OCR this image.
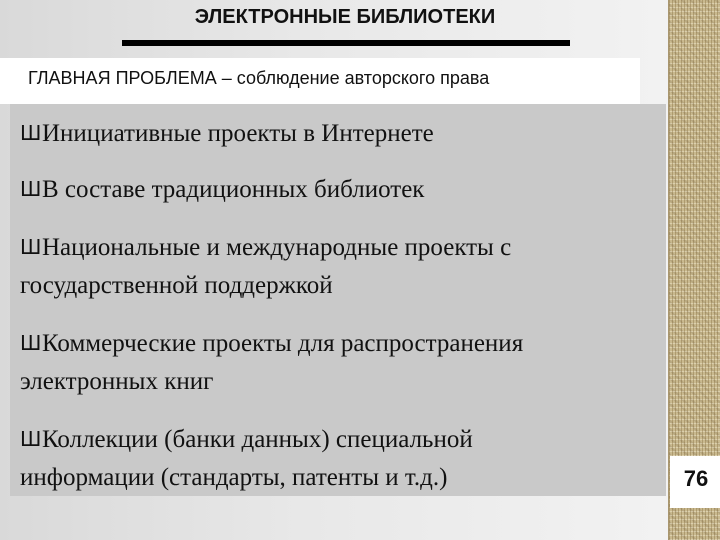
ЭЛЕКТРОННЫЕ БИБЛИОТЕКИ
ГЛАВНАЯ ПРОБЛЕМА – соблюдение авторского права
ШИнициативные проекты в Интернете
ШВ составе традиционных библиотек
ШНациональные и международные проекты с
государственной поддержкой
ШКоммерческие проекты для распространения
электронных книг
ШКоллекции (банки данных) специальной
информации (стандарты, патенты и т.д.)	76
